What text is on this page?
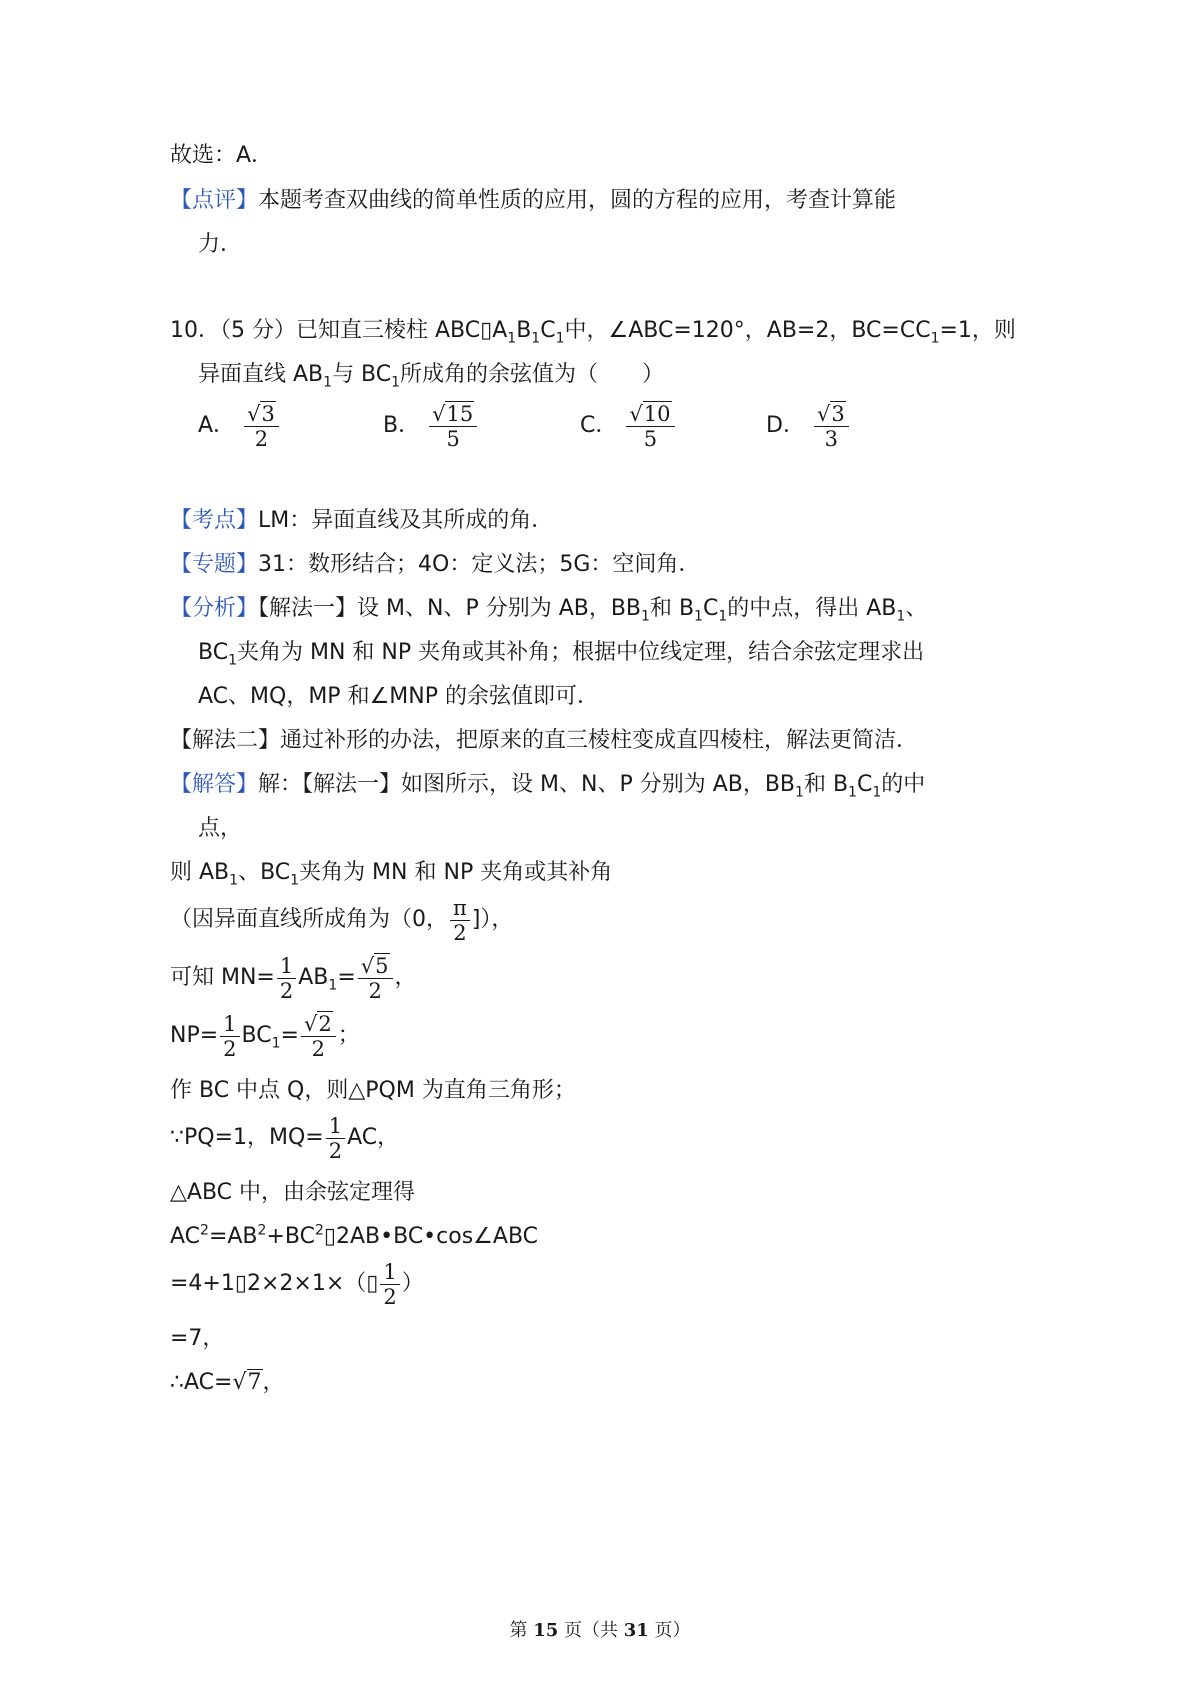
故选：A．
【点评】本题考查双曲线的简单性质的应用，圆的方程的应用，考查计算能
力．
10．（5 分）已知直三棱柱 $ABC▯A_1B_1C_1$中，∠ABC=120°，AB=2，$BC=CC_1=1$，则
异面直线 $AB_1$与 $BC_1$所成角的余弦值为（　　）
A． $\frac{√3}{2}$	B． $\frac{√15}{5}$	C． $\frac{√10}{5}$	D． $\frac{√3}{3}$
【考点】LM：异面直线及其所成的角．
【专题】31：数形结合；4O：定义法；5G：空间角．
【分析】【解法一】设 M、N、P 分别为 AB，$BB_1$和 $B_1C_1$的中点，得出 $AB_1$、
$BC_1$夹角为 MN 和 NP 夹角或其补角；根据中位线定理，结合余弦定理求出
AC、MQ，MP 和∠MNP 的余弦值即可．
【解法二】通过补形的办法，把原来的直三棱柱变成直四棱柱，解法更简洁．
【解答】解：【解法一】如图所示，设 M、N、P 分别为 AB，$BB_1$和 $B_1C_1$的中
点，
则 $AB_1$、$BC_1$夹角为 MN 和 NP 夹角或其补角
（因异面直线所成角为（0， $\frac{\pi}{2}$ ]），
可知 $MN= \frac{1}{2} AB_1= \frac{√5}{2}$ ，
$NP= \frac{1}{2} BC_1= \frac{√2}{2}$ ；
作 BC 中点 Q，则△PQM 为直角三角形；
∵PQ=1，$MQ= \frac{1}{2}$ AC，
△ABC 中，由余弦定理得
$AC^2=AB^2+BC^2▯2AB•BC•\cos\angle ABC$
=4+1▯2×2×1×（▯ $\frac{1}{2}$ ）
=7，
∴AC=√7，
第 15 页（共 31 页）
